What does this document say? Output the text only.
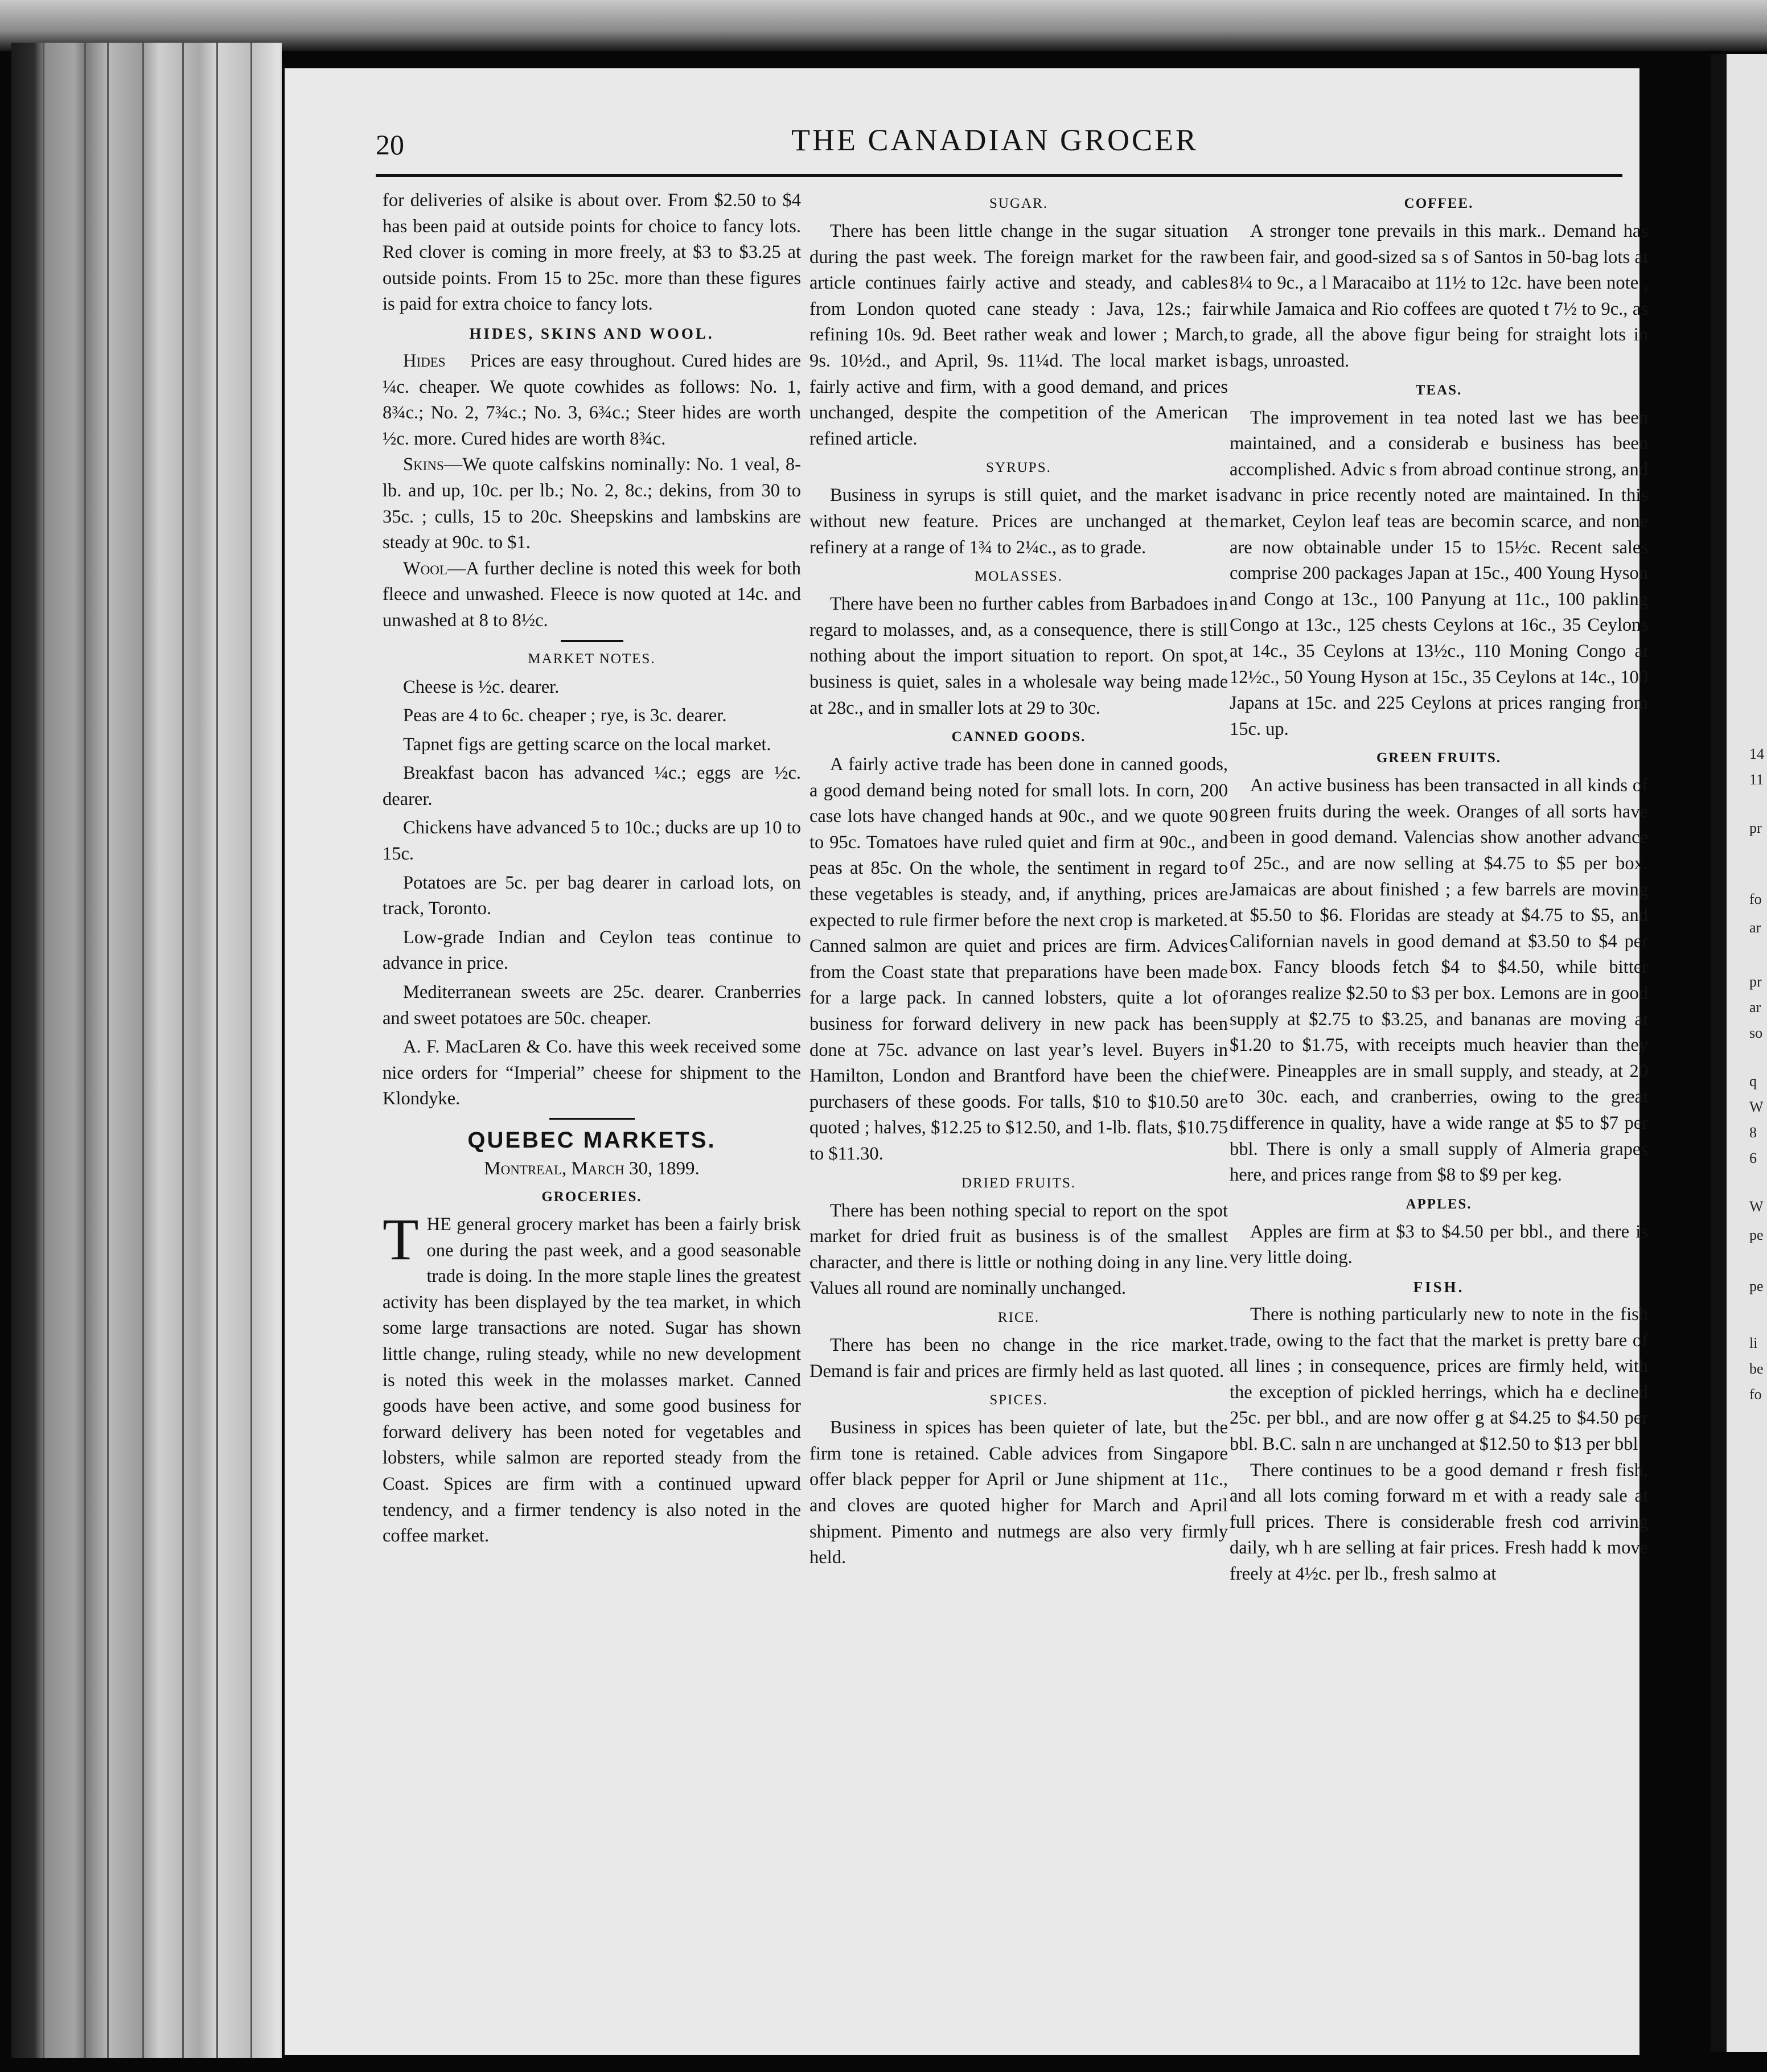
14
11
pr
fo
ar
pr
ar
so
q
W
8
6
W
pe
pe
li
be
fo
20	THE CANADIAN GROCER

for deliveries of alsike is about over. From $2.50 to $4 has been paid at outside points for choice to fancy lots. Red clover is coming in more freely, at $3 to $3.25 at outside points. From 15 to 25c. more than these figures is paid for extra choice to fancy lots.

HIDES, SKINS AND WOOL.

Hides Prices are easy throughout. Cured hides are ¼c. cheaper. We quote cowhides as follows: No. 1, 8¾c.; No. 2, 7¾c.; No. 3, 6¾c.; Steer hides are worth ½c. more. Cured hides are worth 8¾c.

Skins—We quote calfskins nominally: No. 1 veal, 8-lb. and up, 10c. per lb.; No. 2, 8c.; dekins, from 30 to 35c. ; culls, 15 to 20c. Sheepskins and lambskins are steady at 90c. to $1.

Wool—A further decline is noted this week for both fleece and unwashed. Fleece is now quoted at 14c. and unwashed at 8 to 8½c.

MARKET NOTES.

Cheese is ½c. dearer.

Peas are 4 to 6c. cheaper ; rye, is 3c. dearer.

Tapnet figs are getting scarce on the local market.

Breakfast bacon has advanced ¼c.; eggs are ½c. dearer.

Chickens have advanced 5 to 10c.; ducks are up 10 to 15c.

Potatoes are 5c. per bag dearer in carload lots, on track, Toronto.

Low-grade Indian and Ceylon teas continue to advance in price.

Mediterranean sweets are 25c. dearer. Cranberries and sweet potatoes are 50c. cheaper.

A. F. MacLaren & Co. have this week received some nice orders for “Imperial” cheese for shipment to the Klondyke.

QUEBEC MARKETS.
Montreal, March 30, 1899.
GROCERIES.

THE general grocery market has been a fairly brisk one during the past week, and a good seasonable trade is doing. In the more staple lines the greatest activity has been displayed by the tea market, in which some large transactions are noted. Sugar has shown little change, ruling steady, while no new development is noted this week in the molasses market. Canned goods have been active, and some good business for forward delivery has been noted for vegetables and lobsters, while salmon are reported steady from the Coast. Spices are firm with a continued upward tendency, and a firmer tendency is also noted in the coffee market.

SUGAR.

There has been little change in the sugar situation during the past week. The foreign market for the raw article continues fairly active and steady, and cables from London quoted cane steady : Java, 12s.; fair refining 10s. 9d. Beet rather weak and lower ; March, 9s. 10½d., and April, 9s. 11¼d. The local market is fairly active and firm, with a good demand, and prices unchanged, despite the competition of the American refined article.

SYRUPS.

Business in syrups is still quiet, and the market is without new feature. Prices are unchanged at the refinery at a range of 1¾ to 2¼c., as to grade.

MOLASSES.

There have been no further cables from Barbadoes in regard to molasses, and, as a consequence, there is still nothing about the import situation to report. On spot, business is quiet, sales in a wholesale way being made at 28c., and in smaller lots at 29 to 30c.

CANNED GOODS.

A fairly active trade has been done in canned goods, a good demand being noted for small lots. In corn, 200 case lots have changed hands at 90c., and we quote 90 to 95c. Tomatoes have ruled quiet and firm at 90c., and peas at 85c. On the whole, the sentiment in regard to these vegetables is steady, and, if anything, prices are expected to rule firmer before the next crop is marketed. Canned salmon are quiet and prices are firm. Advices from the Coast state that preparations have been made for a large pack. In canned lobsters, quite a lot of business for forward delivery in new pack has been done at 75c. advance on last year’s level. Buyers in Hamilton, London and Brantford have been the chief purchasers of these goods. For talls, $10 to $10.50 are quoted ; halves, $12.25 to $12.50, and 1-lb. flats, $10.75 to $11.30.

DRIED FRUITS.

There has been nothing special to report on the spot market for dried fruit as business is of the smallest character, and there is little or nothing doing in any line. Values all round are nominally unchanged.

RICE.

There has been no change in the rice market. Demand is fair and prices are firmly held as last quoted.

SPICES.

Business in spices has been quieter of late, but the firm tone is retained. Cable advices from Singapore offer black pepper for April or June shipment at 11c., and cloves are quoted higher for March and April shipment. Pimento and nutmegs are also very firmly held.

COFFEE.

A stronger tone prevails in this mark.. Demand has been fair, and good-sized sa s of Santos in 50-bag lots at 8¼ to 9c., a l Maracaibo at 11½ to 12c. have been note , while Jamaica and Rio coffees are quoted t 7½ to 9c., as to grade, all the above figur being for straight lots in bags, unroasted.

TEAS.

The improvement in tea noted last we has been maintained, and a considerab e business has been accomplished. Advic s from abroad continue strong, and advanc in price recently noted are maintained. In this market, Ceylon leaf teas are becomin scarce, and none are now obtainable under 15 to 15½c. Recent sales comprise 200 packages Japan at 15c., 400 Young Hyson and Congo at 13c., 100 Panyung at 11c., 100 pakling Congo at 13c., 125 chests Ceylons at 16c., 35 Ceylons at 14c., 35 Ceylons at 13½c., 110 Moning Congo at 12½c., 50 Young Hyson at 15c., 35 Ceylons at 14c., 100 Japans at 15c. and 225 Ceylons at prices ranging from 15c. up.

GREEN FRUITS.

An active business has been transacted in all kinds of green fruits during the week. Oranges of all sorts have been in good demand. Valencias show another advance of 25c., and are now selling at $4.75 to $5 per box. Jamaicas are about finished ; a few barrels are moving at $5.50 to $6. Floridas are steady at $4.75 to $5, and Californian navels in good demand at $3.50 to $4 per box. Fancy bloods fetch $4 to $4.50, while bitter oranges realize $2.50 to $3 per box. Lemons are in good supply at $2.75 to $3.25, and bananas are moving at $1.20 to $1.75, with receipts much heavier than they were. Pineapples are in small supply, and steady, at 20 to 30c. each, and cranberries, owing to the great difference in quality, have a wide range at $5 to $7 per bbl. There is only a small supply of Almeria grapes here, and prices range from $8 to $9 per keg.

APPLES.

Apples are firm at $3 to $4.50 per bbl., and there is very little doing.

FISH.

There is nothing particularly new to note in the fish trade, owing to the fact that the market is pretty bare of all lines ; in consequence, prices are firmly held, with the exception of pickled herrings, which ha e declined 25c. per bbl., and are now offer g at $4.25 to $4.50 per bbl. B.C. saln n are unchanged at $12.50 to $13 per bbl

There continues to be a good demand r fresh fish, and all lots coming forward m et with a ready sale at full prices. There is considerable fresh cod arriving daily, wh h are selling at fair prices. Fresh hadd k move freely at 4½c. per lb., fresh salmo at
